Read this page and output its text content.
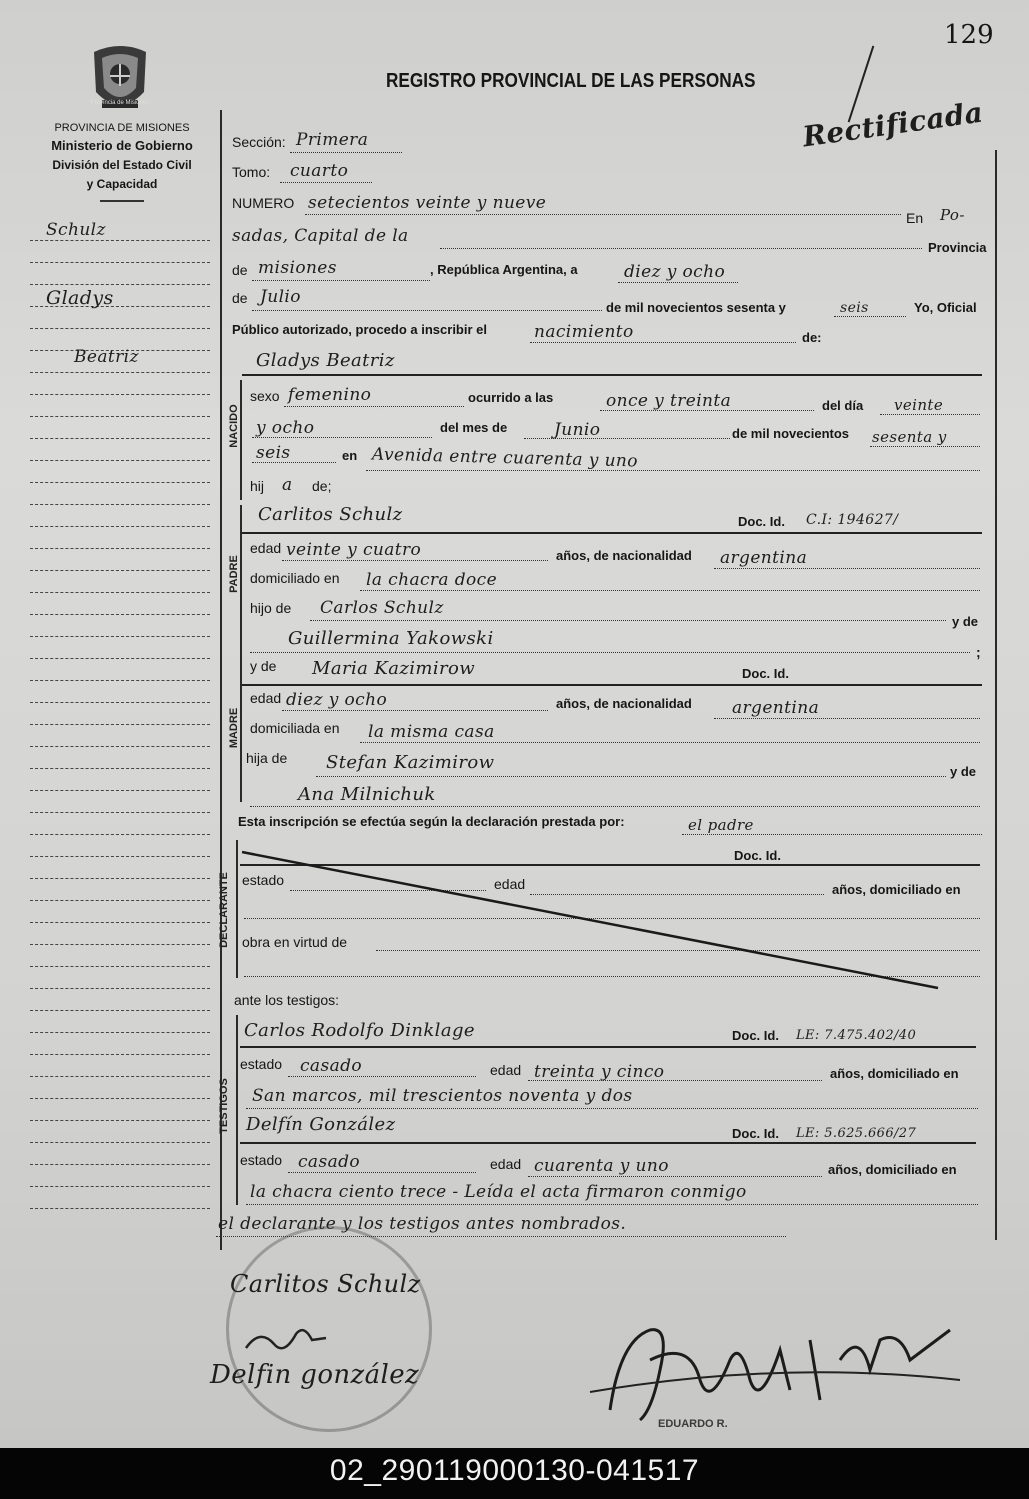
129
Provincia de Misiones
PROVINCIA DE MISIONES
Ministerio de Gobierno
División del Estado Civil
y Capacidad
REGISTRO PROVINCIAL DE LAS PERSONAS
Rectificada
Schulz
Gladys
Beatriz
Sección: Primera
Tomo: cuarto
NUMERO setecientos veinte y nueve
En Po-
sadas, Capital de la
Provincia
de misiones	, República Argentina, a	diez y ocho
de Julio
de mil novecientos sesenta y	seis	Yo, Oficial
Público autorizado, procedo a inscribir el	nacimiento	de:
NACIDO
Gladys Beatriz
sexo femenino	ocurrido a las	once y treinta	del día veinte
y ocho	del mes de	Junio	de mil novecientos sesenta y
seis	en Avenida entre cuarenta y uno
hij a de;
PADRE
Carlitos Schulz	Doc. Id. C.I: 194627/
edad veinte y cuatro	años, de nacionalidad argentina
domiciliado en la chacra doce
hijo de Carlos Schulz
y de
Guillermina Yakowski
;
MADRE
y de Maria Kazimirow	Doc. Id.
edad diez y ocho	años, de nacionalidad argentina
domiciliada en la misma casa
hija de Stefan Kazimirow	y de
Ana Milnichuk
Esta inscripción se efectúa según la declaración prestada por:	el padre
DECLARANTE
Doc. Id.
estado	edad	años, domiciliado en
obra en virtud de
ante los testigos:
TESTIGOS
Carlos Rodolfo Dinklage	Doc. Id. LE: 7.475.402/40
estado casado	edad treinta y cinco	años, domiciliado en
San marcos, mil trescientos noventa y dos
Delfín González	Doc. Id. LE: 5.625.666/27
estado casado	edad cuarenta y uno	años, domiciliado en
la chacra ciento trece - Leída el acta firmaron conmigo
el declarante y los testigos antes nombrados.
Carlitos Schulz
Delfin gonzález
EDUARDO R.
02_290119000130-041517
